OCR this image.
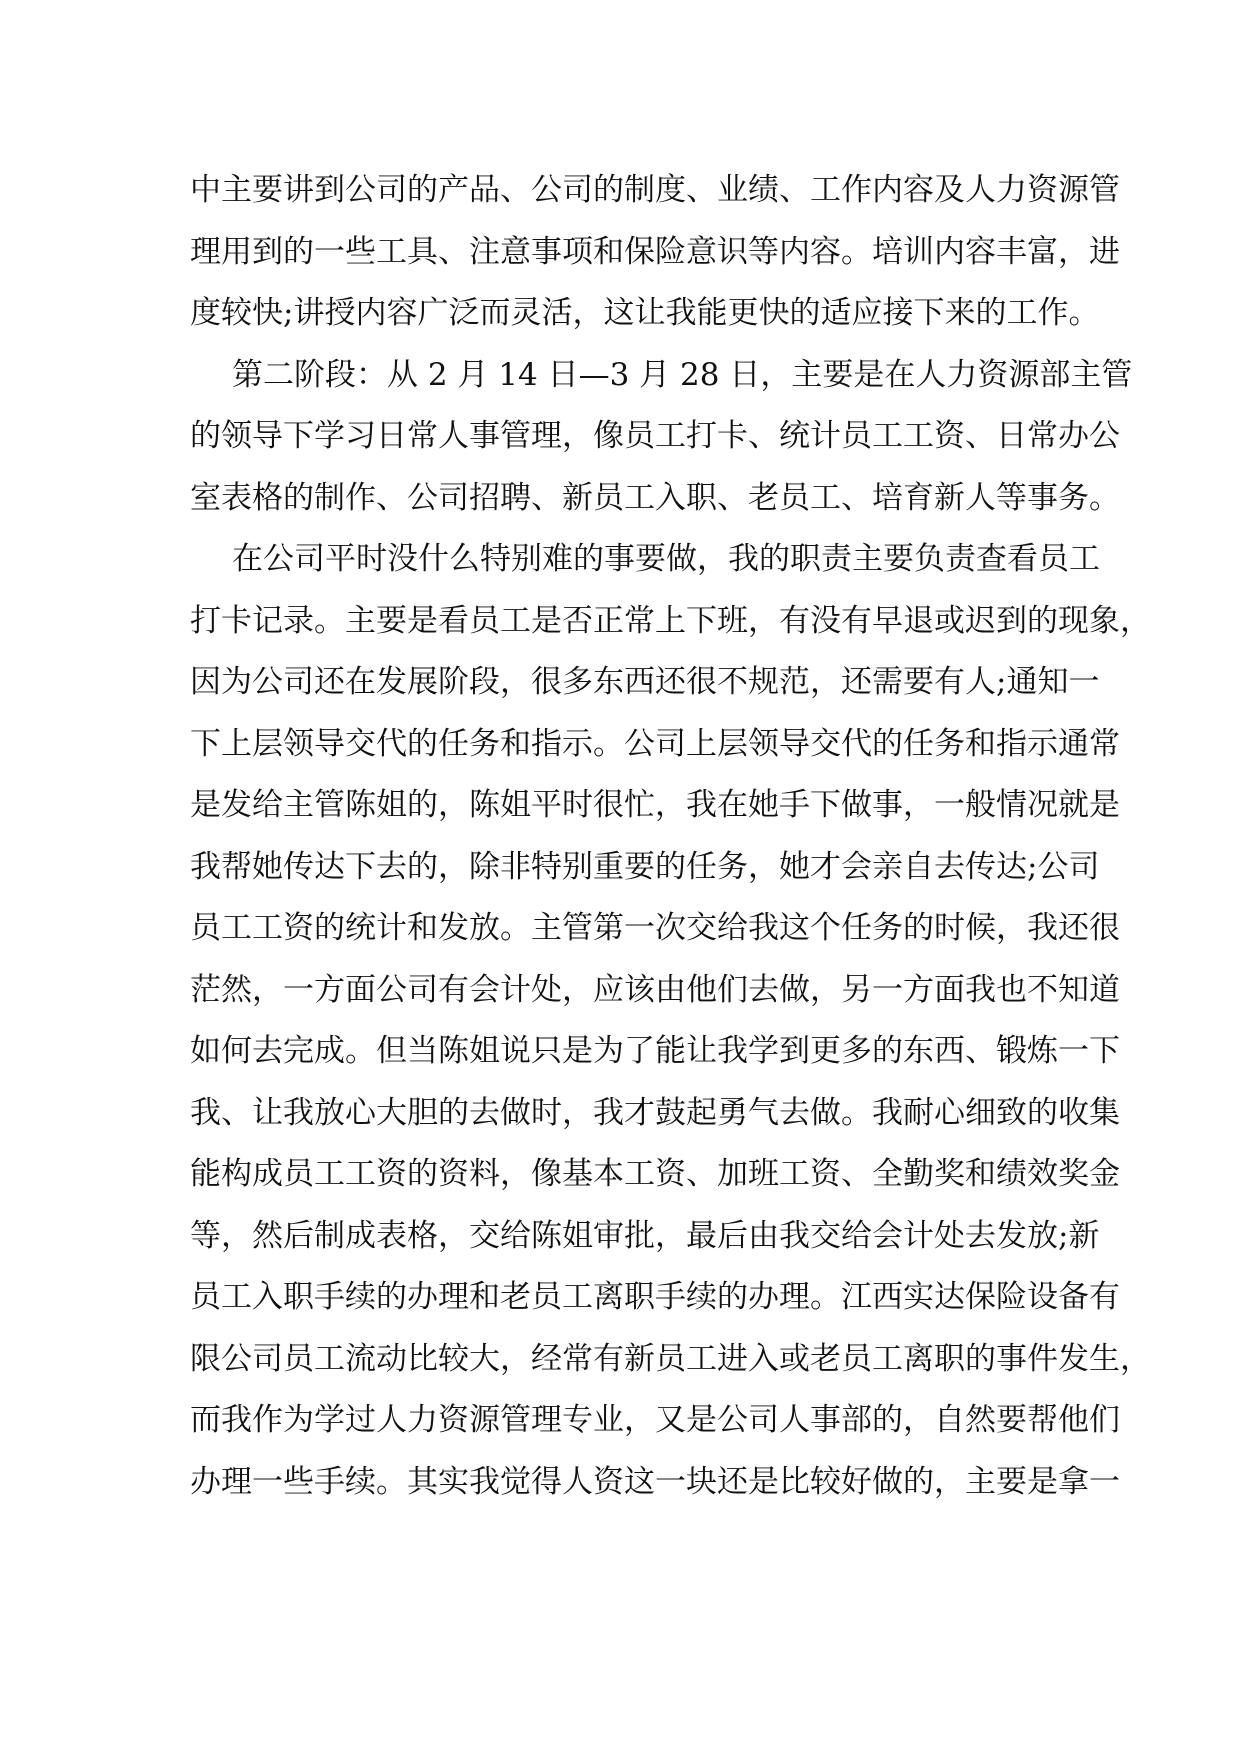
中主要讲到公司的产品、公司的制度、业绩、工作内容及人力资源管
理用到的一些工具、注意事项和保险意识等内容。培训内容丰富，进
度较快;讲授内容广泛而灵活，这让我能更快的适应接下来的工作。
第二阶段：从 2 月 14 日—3 月 28 日，主要是在人力资源部主管
的领导下学习日常人事管理，像员工打卡、统计员工工资、日常办公
室表格的制作、公司招聘、新员工入职、老员工、培育新人等事务。
在公司平时没什么特别难的事要做，我的职责主要负责查看员工
打卡记录。主要是看员工是否正常上下班，有没有早退或迟到的现象，
因为公司还在发展阶段，很多东西还很不规范，还需要有人;通知一
下上层领导交代的任务和指示。公司上层领导交代的任务和指示通常
是发给主管陈姐的，陈姐平时很忙，我在她手下做事，一般情况就是
我帮她传达下去的，除非特别重要的任务，她才会亲自去传达;公司
员工工资的统计和发放。主管第一次交给我这个任务的时候，我还很
茫然，一方面公司有会计处，应该由他们去做，另一方面我也不知道
如何去完成。但当陈姐说只是为了能让我学到更多的东西、锻炼一下
我、让我放心大胆的去做时，我才鼓起勇气去做。我耐心细致的收集
能构成员工工资的资料，像基本工资、加班工资、全勤奖和绩效奖金
等，然后制成表格，交给陈姐审批，最后由我交给会计处去发放;新
员工入职手续的办理和老员工离职手续的办理。江西实达保险设备有
限公司员工流动比较大，经常有新员工进入或老员工离职的事件发生，
而我作为学过人力资源管理专业，又是公司人事部的，自然要帮他们
办理一些手续。其实我觉得人资这一块还是比较好做的，主要是拿一
